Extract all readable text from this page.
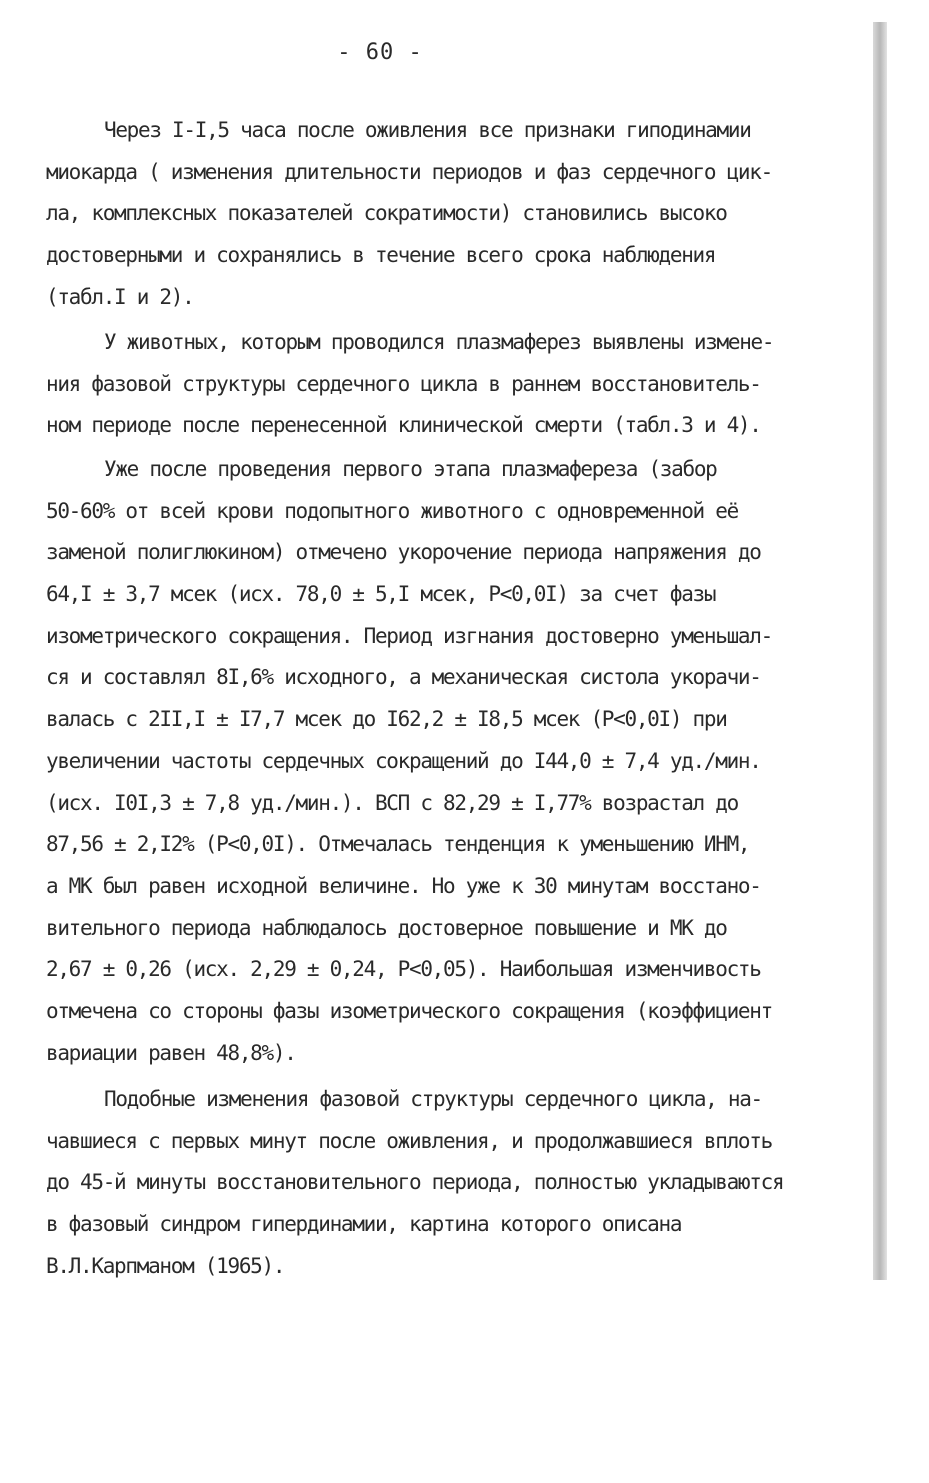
- 60 -
Через I-I,5 часа после оживления все признаки гиподинамии
миокарда ( изменения длительности периодов и фаз сердечного цик-
ла, комплексных показателей сократимости) становились высоко
достоверными и сохранялись в течение всего срока наблюдения
(табл.I и 2).
У животных, которым проводился плазмаферез выявлены измене-
ния фазовой структуры сердечного цикла в раннем восстановитель-
ном периоде после перенесенной клинической смерти (табл.3 и 4).
Уже после проведения первого этапа плазмафереза (забор
50-60% от всей крови подопытного животного с одновременной её
заменой полиглюкином) отмечено укорочение периода напряжения до
64,I ± 3,7 мсек (исх. 78,0 ± 5,I мсек, P<0,0I) за счет фазы
изометрического сокращения. Период изгнания достоверно уменьшал-
ся и составлял 8I,6% исходного, а механическая систола укорачи-
валась с 2II,I ± I7,7 мсек до I62,2 ± I8,5 мсек (P<0,0I) при
увеличении частоты сердечных сокращений до I44,0 ± 7,4 уд./мин.
(исх. I0I,3 ± 7,8 уд./мин.). ВСП с 82,29 ± I,77% возрастал до
87,56 ± 2,I2% (P<0,0I). Отмечалась тенденция к уменьшению ИНМ,
а МК был равен исходной величине. Но уже к 30 минутам восстано-
вительного периода наблюдалось достоверное повышение и МК до
2,67 ± 0,26 (исх. 2,29 ± 0,24, P<0,05). Наибольшая изменчивость
отмечена со стороны фазы изометрического сокращения (коэффициент
вариации равен 48,8%).
Подобные изменения фазовой структуры сердечного цикла, на-
чавшиеся с первых минут после оживления, и продолжавшиеся вплоть
до 45-й минуты восстановительного периода, полностью укладываются
в фазовый синдром гипердинамии, картина которого описана
В.Л.Карпманом (1965).
